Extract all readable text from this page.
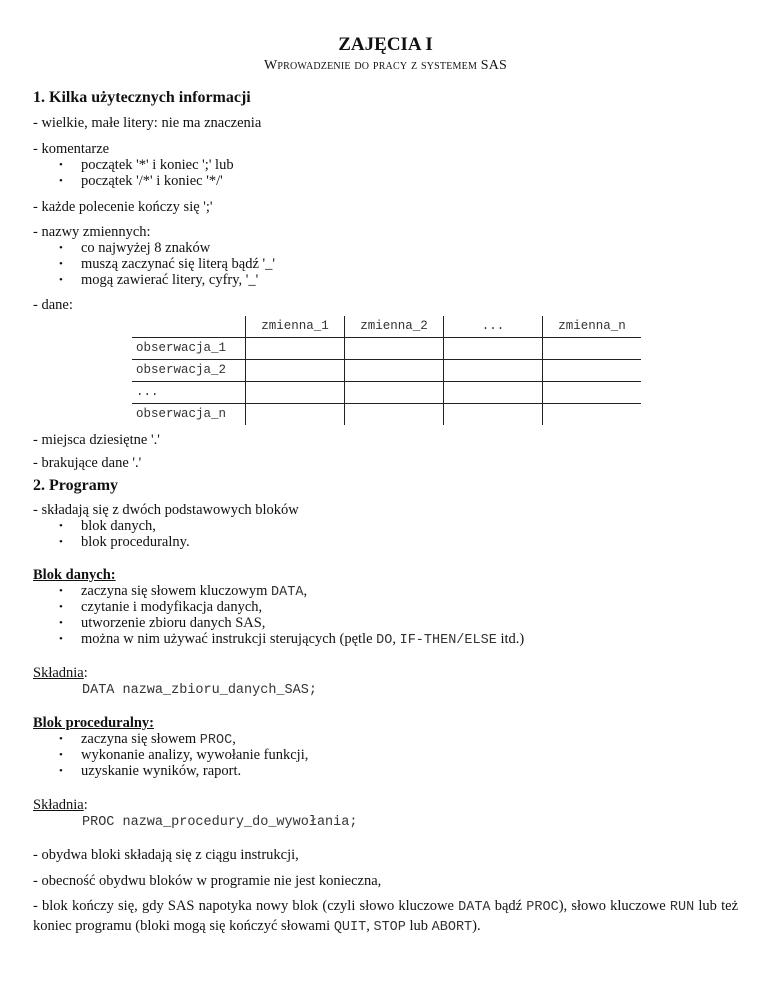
ZAJĘCIA I
Wprowadzenie do pracy z systemem SAS
1. Kilka użytecznych informacji
- wielkie, małe litery: nie ma znaczenia
- komentarze
• początek '*' i koniec ';' lub
• początek '/*' i koniec '*/'
- każde polecenie kończy się ';'
- nazwy zmiennych:
• co najwyżej 8 znaków
• muszą zaczynać się literą bądź '_'
• mogą zawierać litery, cyfry, '_'
- dane:
	zmienna_1	zmienna_2	...	zmienna_n
obserwacja_1				
obserwacja_2				
...				
obserwacja_n				
- miejsca dziesiętne '.'
- brakujące dane '.'
2. Programy
- składają się z dwóch podstawowych bloków
• blok danych,
• blok proceduralny.
Blok danych:
• zaczyna się słowem kluczowym DATA,
• czytanie i modyfikacja danych,
• utworzenie zbioru danych SAS,
• można w nim używać instrukcji sterujących (pętle DO, IF-THEN/ELSE itd.)
Składnia:
DATA nazwa_zbioru_danych_SAS;
Blok proceduralny:
• zaczyna się słowem PROC,
• wykonanie analizy, wywołanie funkcji,
• uzyskanie wyników, raport.
Składnia:
PROC nazwa_procedury_do_wywołania;
- obydwa bloki składają się z ciągu instrukcji,
- obecność obydwu bloków w programie nie jest konieczna,
- blok kończy się, gdy SAS napotyka nowy blok (czyli słowo kluczowe DATA bądź PROC), słowo kluczowe RUN lub też koniec programu (bloki mogą się kończyć słowami QUIT, STOP lub ABORT).
